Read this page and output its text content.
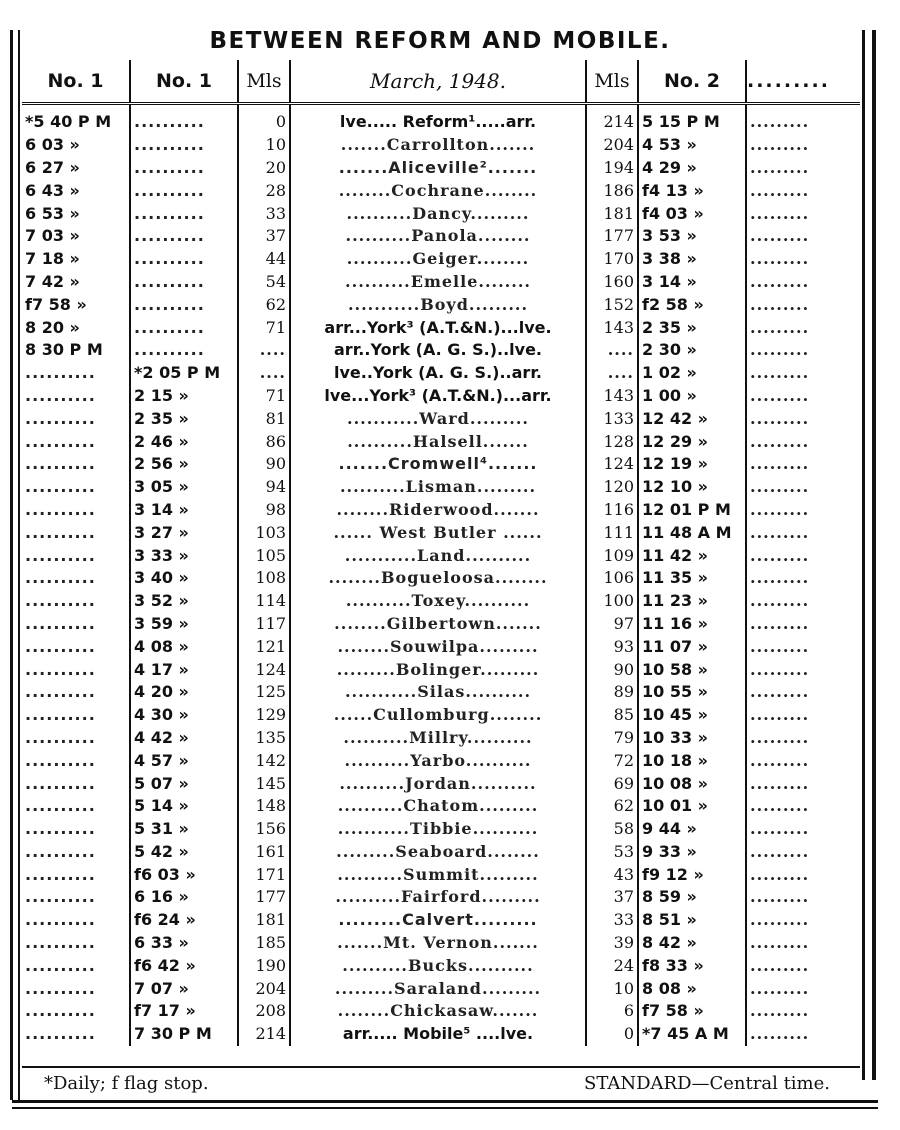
BETWEEN REFORM AND MOBILE.
No. 1	No. 1	Mls	March, 1948.	Mls	No. 2	.........
*5 40 P M	..........	0	lve..... Reform¹.....arr.	214	5 15 P M	.........
6 03 »	..........	10	.......Carrollton.......	204	4 53 »	.........
6 27 »	..........	20	.......Aliceville².......	194	4 29 »	.........
6 43 »	..........	28	........Cochrane........	186	f4 13 »	.........
6 53 »	..........	33	..........Dancy.........	181	f4 03 »	.........
7 03 »	..........	37	..........Panola........	177	3 53 »	.........
7 18 »	..........	44	..........Geiger........	170	3 38 »	.........
7 42 »	..........	54	..........Emelle........	160	3 14 »	.........
f7 58 »	..........	62	...........Boyd.........	152	f2 58 »	.........
8 20 »	..........	71	arr...York³ (A.T.&N.)...lve.	143	2 35 »	.........
8 30 P M	..........	....	arr..York (A. G. S.)..lve.	....	2 30 »	.........
..........	*2 05 P M	....	lve..York (A. G. S.)..arr.	....	1 02 »	.........
..........	2 15 »	71	lve...York³ (A.T.&N.)...arr.	143	1 00 »	.........
..........	2 35 »	81	...........Ward.........	133	12 42 »	.........
..........	2 46 »	86	..........Halsell.......	128	12 29 »	.........
..........	2 56 »	90	.......Cromwell⁴.......	124	12 19 »	.........
..........	3 05 »	94	..........Lisman.........	120	12 10 »	.........
..........	3 14 »	98	........Riderwood.......	116	12 01 P M	.........
..........	3 27 »	103	...... West Butler ......	111	11 48 A M	.........
..........	3 33 »	105	...........Land..........	109	11 42 »	.........
..........	3 40 »	108	........Bogueloosa........	106	11 35 »	.........
..........	3 52 »	114	..........Toxey..........	100	11 23 »	.........
..........	3 59 »	117	........Gilbertown.......	97	11 16 »	.........
..........	4 08 »	121	........Souwilpa.........	93	11 07 »	.........
..........	4 17 »	124	.........Bolinger.........	90	10 58 »	.........
..........	4 20 »	125	...........Silas..........	89	10 55 »	.........
..........	4 30 »	129	......Cullomburg........	85	10 45 »	.........
..........	4 42 »	135	..........Millry..........	79	10 33 »	.........
..........	4 57 »	142	..........Yarbo..........	72	10 18 »	.........
..........	5 07 »	145	..........Jordan..........	69	10 08 »	.........
..........	5 14 »	148	..........Chatom.........	62	10 01 »	.........
..........	5 31 »	156	...........Tibbie..........	58	9 44 »	.........
..........	5 42 »	161	.........Seaboard........	53	9 33 »	.........
..........	f6 03 »	171	..........Summit.........	43	f9 12 »	.........
..........	6 16 »	177	..........Fairford.........	37	8 59 »	.........
..........	f6 24 »	181	.........Calvert.........	33	8 51 »	.........
..........	6 33 »	185	.......Mt. Vernon.......	39	8 42 »	.........
..........	f6 42 »	190	..........Bucks..........	24	f8 33 »	.........
..........	7 07 »	204	.........Saraland.........	10	8 08 »	.........
..........	f7 17 »	208	........Chickasaw.......	6	f7 58 »	.........
..........	7 30 P M	214	arr..... Mobile⁵ ....lve.	0	*7 45 A M	.........
*Daily; f flag stop.	STANDARD—Central time.
